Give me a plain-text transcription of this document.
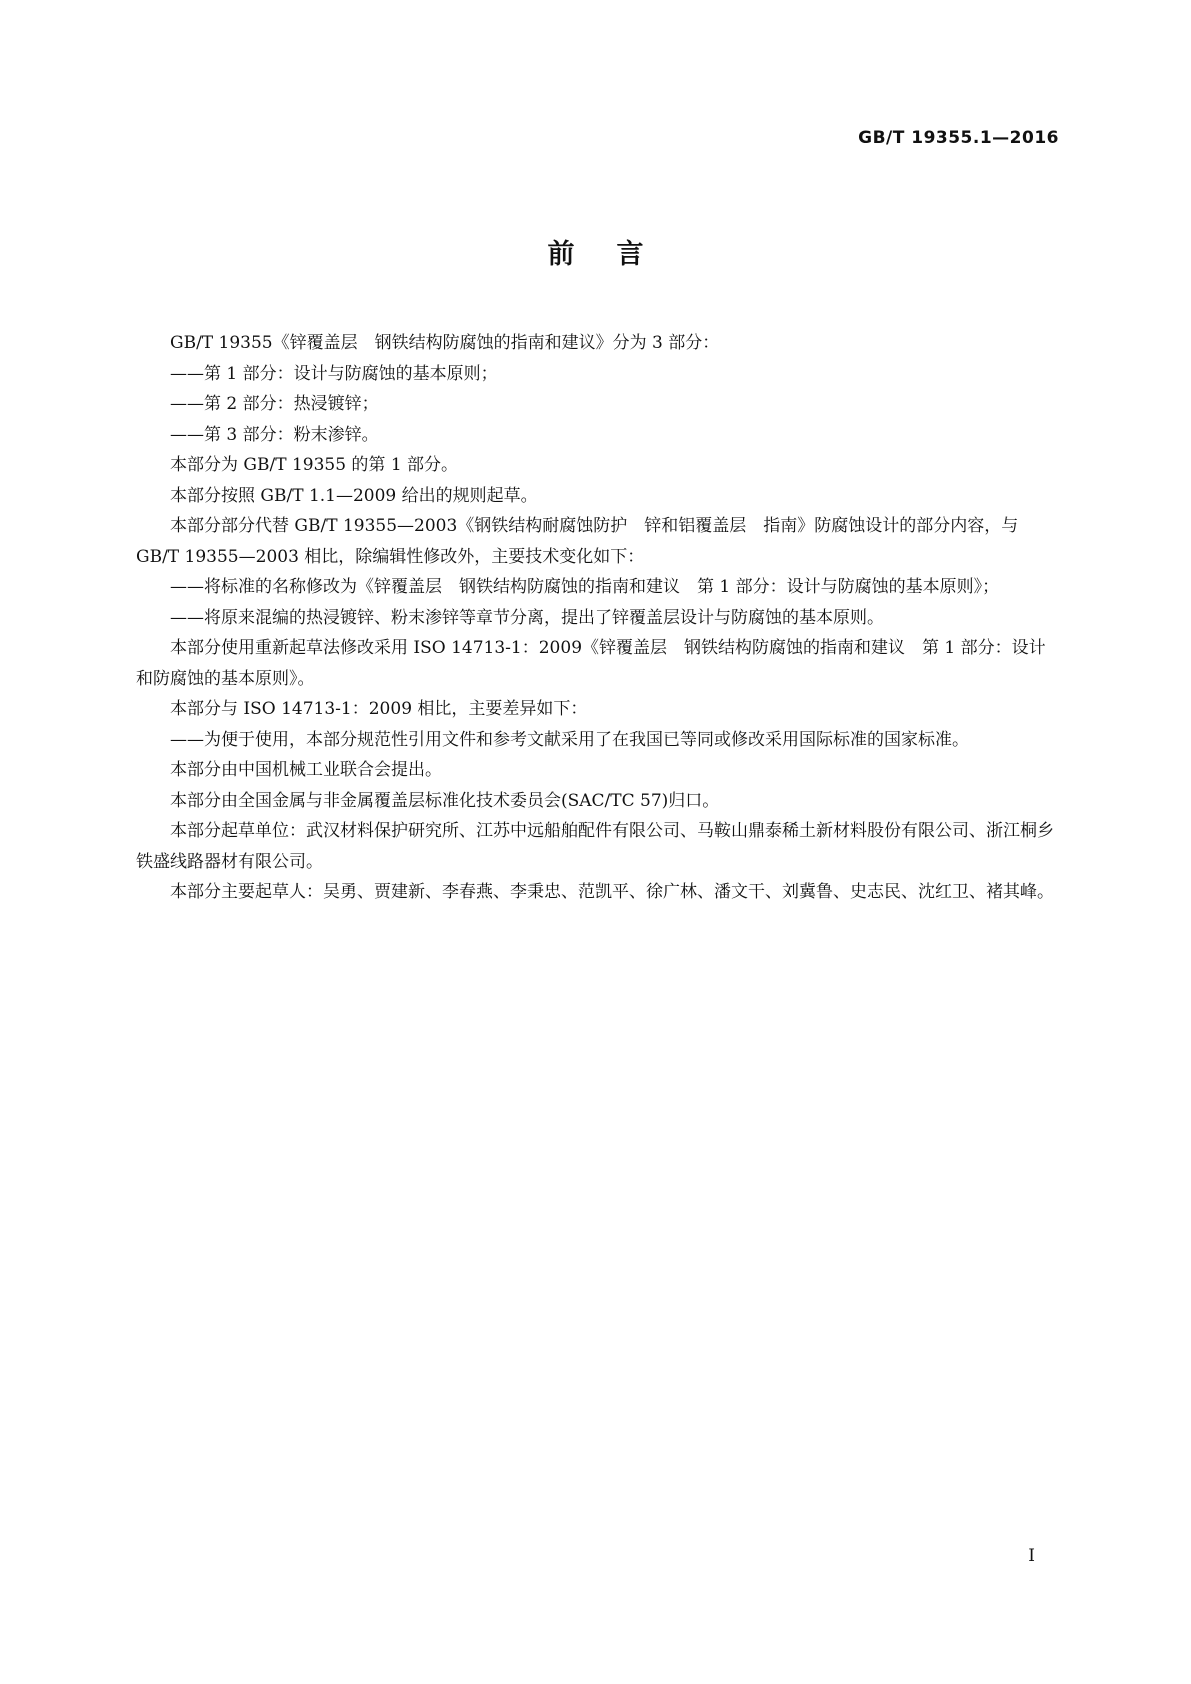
GB/T 19355.1—2016
前言

GB/T 19355《锌覆盖层　钢铁结构防腐蚀的指南和建议》分为 3 部分：

——第 1 部分：设计与防腐蚀的基本原则；

——第 2 部分：热浸镀锌；

——第 3 部分：粉末渗锌。

本部分为 GB/T 19355 的第 1 部分。

本部分按照 GB/T 1.1—2009 给出的规则起草。

本部分部分代替 GB/T 19355—2003《钢铁结构耐腐蚀防护　锌和铝覆盖层　指南》防腐蚀设计的部分内容，与 GB/T 19355—2003 相比，除编辑性修改外，主要技术变化如下：

——将标准的名称修改为《锌覆盖层　钢铁结构防腐蚀的指南和建议　第 1 部分：设计与防腐蚀的基本原则》；

——将原来混编的热浸镀锌、粉末渗锌等章节分离，提出了锌覆盖层设计与防腐蚀的基本原则。

本部分使用重新起草法修改采用 ISO 14713-1：2009《锌覆盖层　钢铁结构防腐蚀的指南和建议　第 1 部分：设计和防腐蚀的基本原则》。

本部分与 ISO 14713-1：2009 相比，主要差异如下：

——为便于使用，本部分规范性引用文件和参考文献采用了在我国已等同或修改采用国际标准的国家标准。

本部分由中国机械工业联合会提出。

本部分由全国金属与非金属覆盖层标准化技术委员会(SAC/TC 57)归口。

本部分起草单位：武汉材料保护研究所、江苏中远船舶配件有限公司、马鞍山鼎泰稀土新材料股份有限公司、浙江桐乡铁盛线路器材有限公司。

本部分主要起草人：吴勇、贾建新、李春燕、李秉忠、范凯平、徐广林、潘文干、刘冀鲁、史志民、沈红卫、褚其峰。

I
